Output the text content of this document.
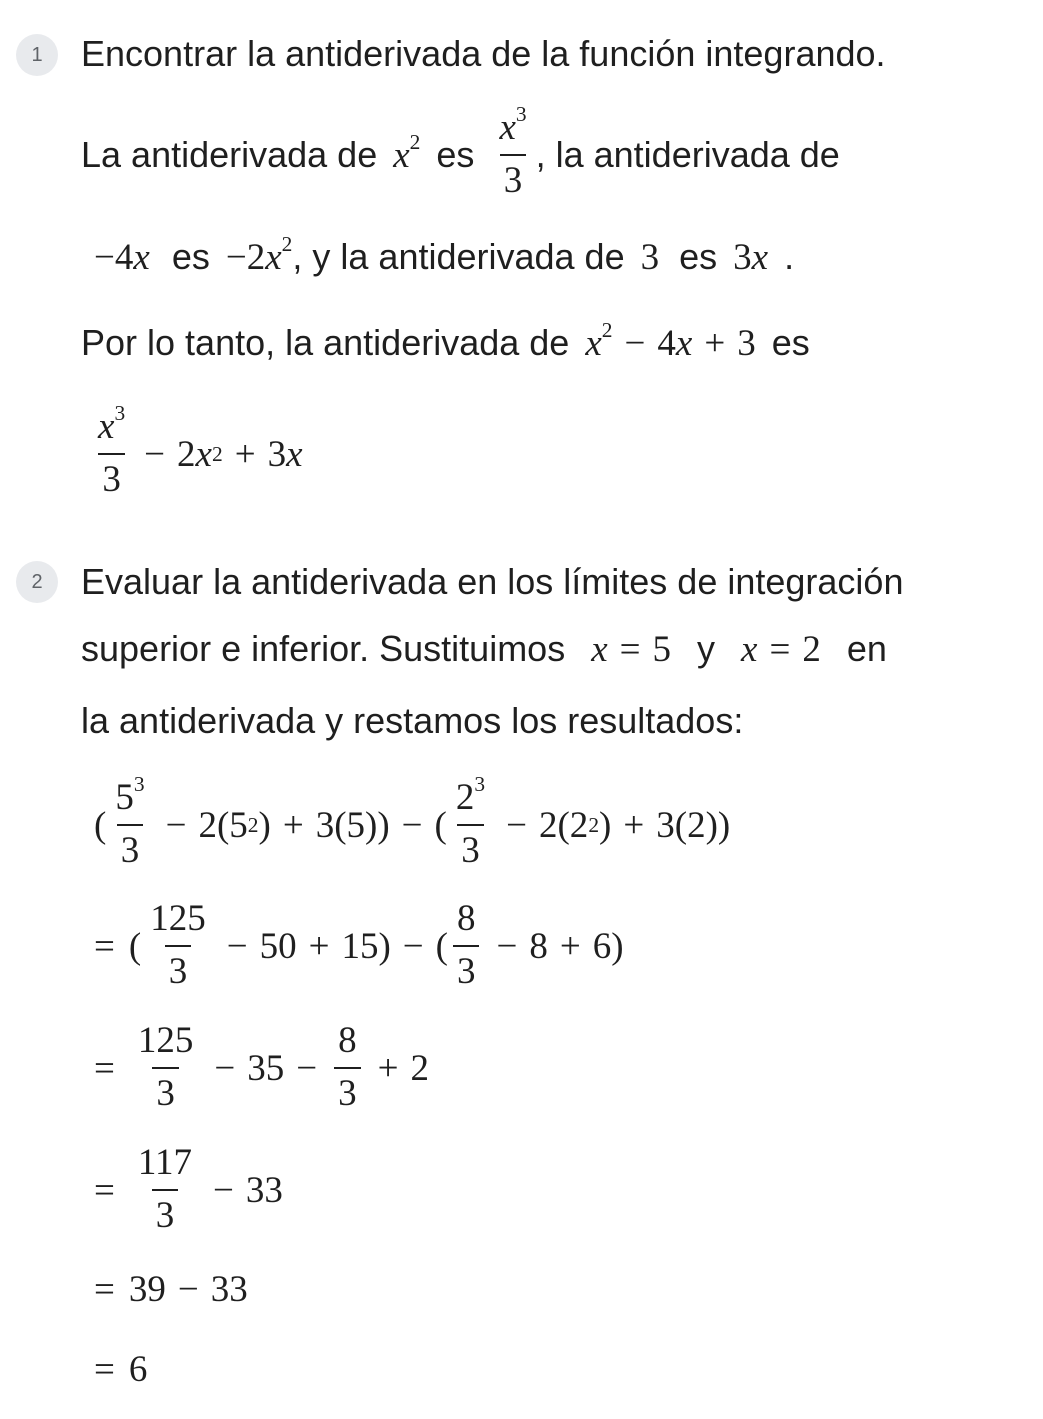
1	Encontrar la antiderivada de la función integrando.
La antiderivada de $x^2$ es $\frac{x^3}{3}$ , la antiderivada de
−4x es $-2x^2$ , y la antiderivada de 3 es 3x .
Por lo tanto, la antiderivada de $x^2 - 4x + 3$ es
$\frac{x^3}{3} - 2$ x 2 + 3 x
2	Evaluar la antiderivada en los límites de integración
superior e inferior. Sustituimos x = 5 y x = 2 en
la antiderivada y restamos los resultados:
( $\frac{5^3}{3} - 2(5$ 2 ) + 3(5)) − ( $\frac{2^3}{3} - 2(2$ 2 ) + 3(2))
= ( $\frac{125}{3} - 50 + 15$) − ( $\frac{8}{3} - 8 + 6$)
= $\frac{125}{3} - 35 - \frac{8}{3} + 2$
= $\frac{117}{3} - 33$
= 39 − 33
= 6
